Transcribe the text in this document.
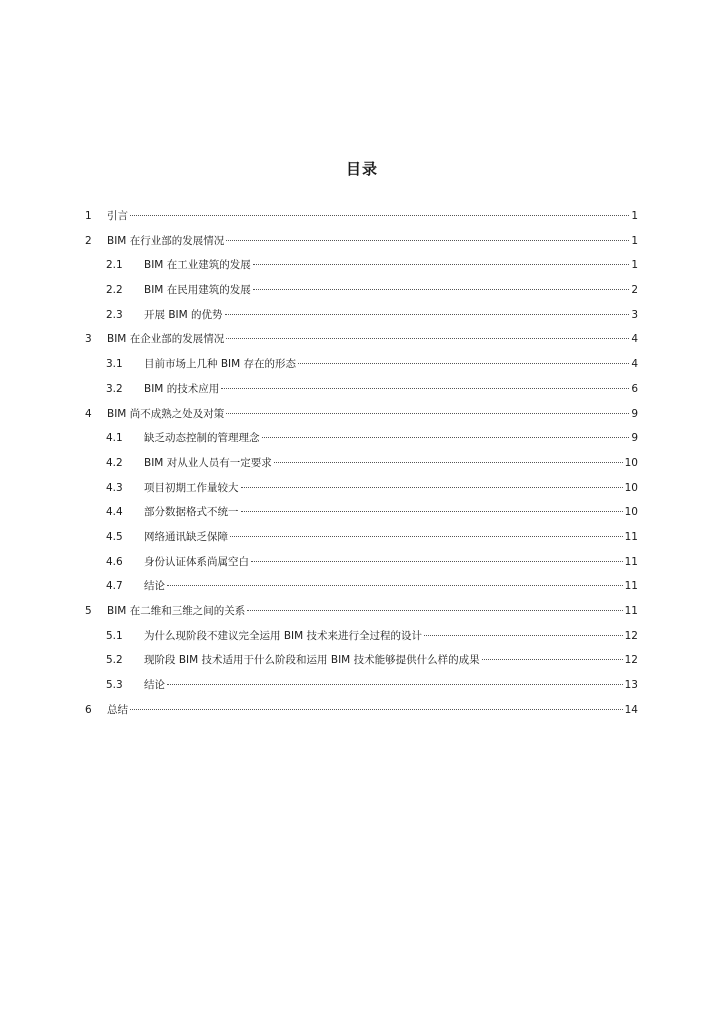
目录
1	引言	1
2	BIM 在行业部的发展情况	1
2.1	BIM 在工业建筑的发展	1
2.2	BIM 在民用建筑的发展	2
2.3	开展 BIM 的优势	3
3	BIM 在企业部的发展情况	4
3.1	目前市场上几种 BIM 存在的形态	4
3.2	BIM 的技术应用	6
4	BIM 尚不成熟之处及对策	9
4.1	缺乏动态控制的管理理念	9
4.2	BIM 对从业人员有一定要求	10
4.3	项目初期工作量较大	10
4.4	部分数据格式不统一	10
4.5	网络通讯缺乏保障	11
4.6	身份认证体系尚属空白	11
4.7	结论	11
5	BIM 在二维和三维之间的关系	11
5.1	为什么现阶段不建议完全运用 BIM 技术来进行全过程的设计	12
5.2	现阶段 BIM 技术适用于什么阶段和运用 BIM 技术能够提供什么样的成果	12
5.3	结论	13
6	总结	14
